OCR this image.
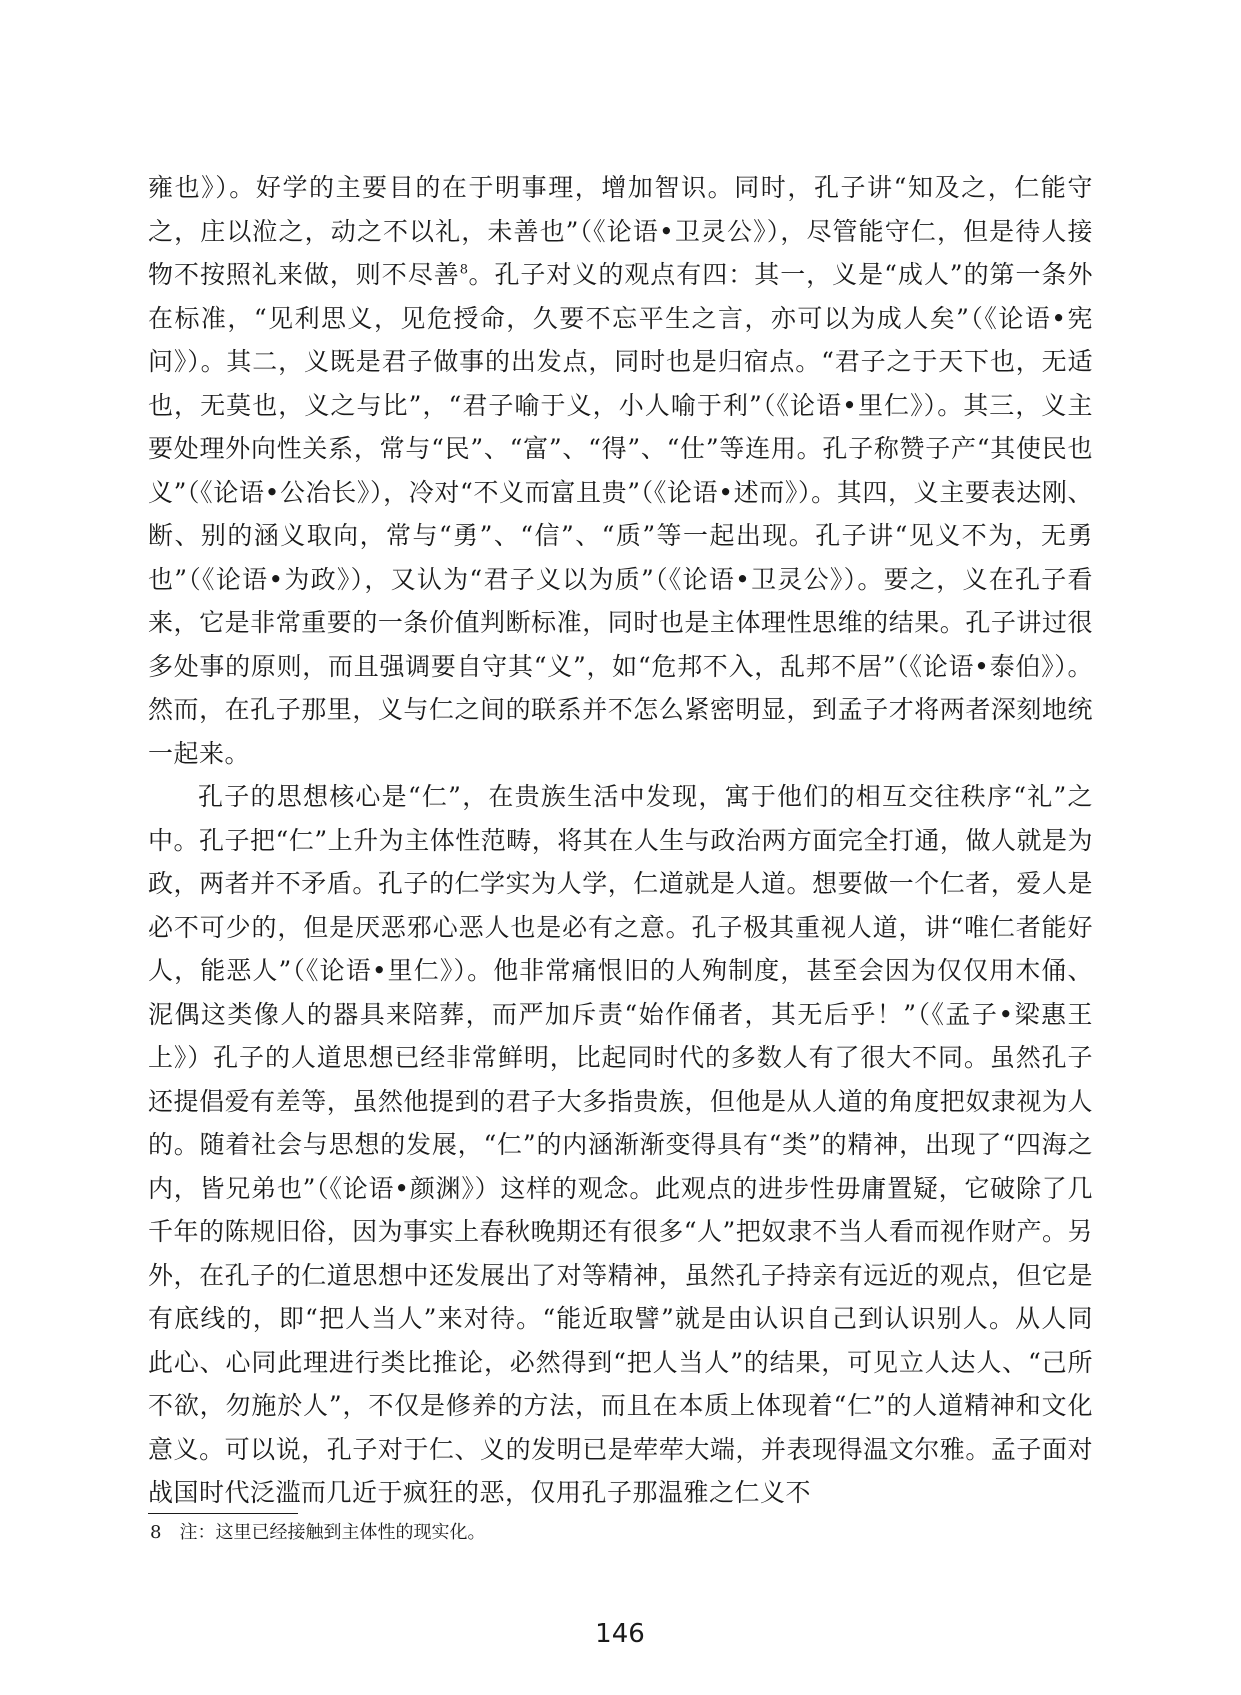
雍也》）。好学的主要目的在于明事理，增加智识。同时，孔子讲“知及之，仁能守之，庄以涖之，动之不以礼，未善也”（《论语•卫灵公》），尽管能守仁，但是待人接物不按照礼来做，则不尽善$^8$。孔子对义的观点有四：其一，义是“成人”的第一条外在标准，“见利思义，见危授命，久要不忘平生之言，亦可以为成人矣”（《论语•宪问》）。其二，义既是君子做事的出发点，同时也是归宿点。“君子之于天下也，无适也，无莫也，义之与比”，“君子喻于义，小人喻于利”（《论语•里仁》）。其三，义主要处理外向性关系，常与“民”、“富”、“得”、“仕”等连用。孔子称赞子产“其使民也义”（《论语•公冶长》），冷对“不义而富且贵”（《论语•述而》）。其四，义主要表达刚、断、别的涵义取向，常与“勇”、“信”、“质”等一起出现。孔子讲“见义不为，无勇也”（《论语•为政》），又认为“君子义以为质”（《论语•卫灵公》）。要之，义在孔子看来，它是非常重要的一条价值判断标准，同时也是主体理性思维的结果。孔子讲过很多处事的原则，而且强调要自守其“义”，如“危邦不入，乱邦不居”（《论语•泰伯》）。然而，在孔子那里，义与仁之间的联系并不怎么紧密明显，到孟子才将两者深刻地统一起来。

孔子的思想核心是“仁”，在贵族生活中发现，寓于他们的相互交往秩序“礼”之中。孔子把“仁”上升为主体性范畴，将其在人生与政治两方面完全打通，做人就是为政，两者并不矛盾。孔子的仁学实为人学，仁道就是人道。想要做一个仁者，爱人是必不可少的，但是厌恶邪心恶人也是必有之意。孔子极其重视人道，讲“唯仁者能好人，能恶人”（《论语•里仁》）。他非常痛恨旧的人殉制度，甚至会因为仅仅用木俑、泥偶这类像人的器具来陪葬，而严加斥责“始作俑者，其无后乎！”（《孟子•梁惠王上》）孔子的人道思想已经非常鲜明，比起同时代的多数人有了很大不同。虽然孔子还提倡爱有差等，虽然他提到的君子大多指贵族，但他是从人道的角度把奴隶视为人的。随着社会与思想的发展，“仁”的内涵渐渐变得具有“类”的精神，出现了“四海之内，皆兄弟也”（《论语•颜渊》）这样的观念。此观点的进步性毋庸置疑，它破除了几千年的陈规旧俗，因为事实上春秋晚期还有很多“人”把奴隶不当人看而视作财产。另外，在孔子的仁道思想中还发展出了对等精神，虽然孔子持亲有远近的观点，但它是有底线的，即“把人当人”来对待。“能近取譬”就是由认识自己到认识别人。从人同此心、心同此理进行类比推论，必然得到“把人当人”的结果，可见立人达人、“己所不欲，勿施於人”，不仅是修养的方法，而且在本质上体现着“仁”的人道精神和文化意义。可以说，孔子对于仁、义的发明已是荦荦大端，并表现得温文尔雅。孟子面对战国时代泛滥而几近于疯狂的恶，仅用孔子那温雅之仁义不

8 注：这里已经接触到主体性的现实化。
146
